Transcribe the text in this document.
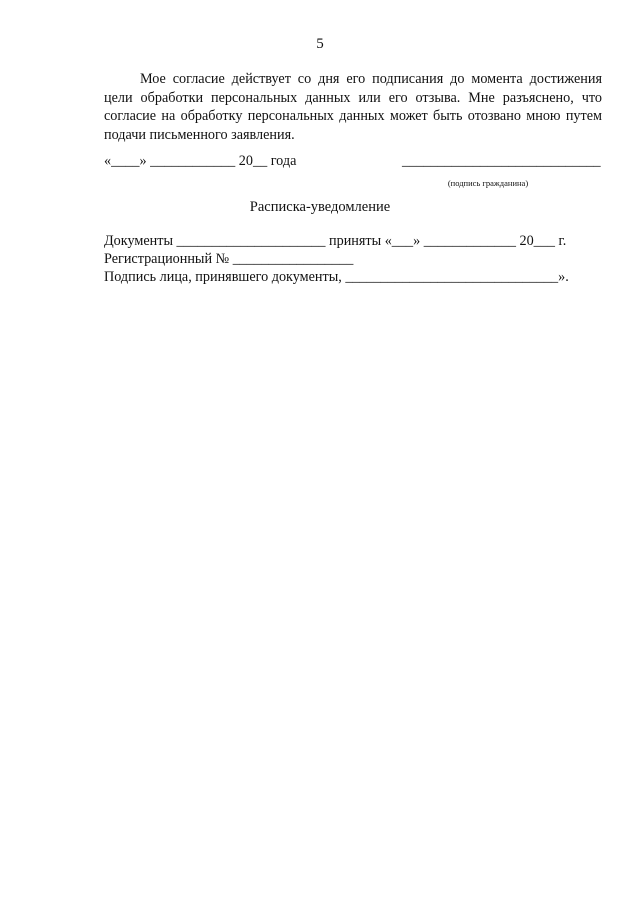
5

Мое согласие действует со дня его подписания до момента достижения цели обработки персональных данных или его отзыва. Мне разъяснено, что согласие на обработку персональных данных может быть отозвано мною путем подачи письменного заявления.

«____» ____________ 20__ года	____________________________
(подпись гражданина)
Расписка-уведомление
Документы _____________________ приняты «___» _____________ 20___ г.
Регистрационный № _________________
Подпись лица, принявшего документы, ______________________________».
